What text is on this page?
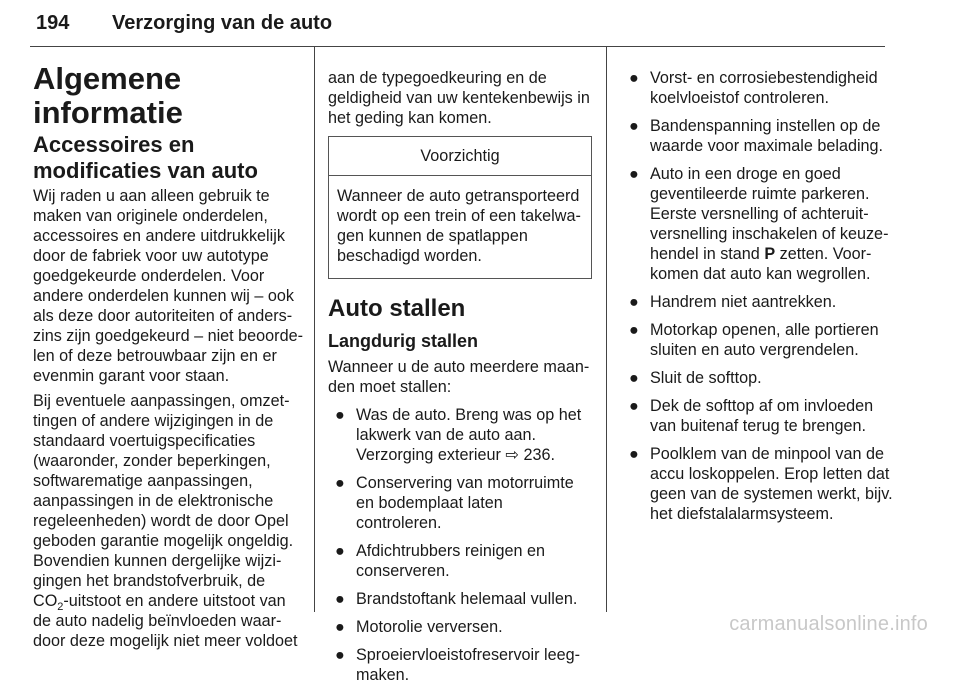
194 Verzorging van de auto
Algemene informatie
Accessoires en modificaties van auto

Wij raden u aan alleen gebruik te maken van originele onderdelen, accessoires en andere uitdrukkelijk door de fabriek voor uw autotype goedgekeurde onderdelen. Voor andere onderdelen kunnen wij – ook als deze door autoriteiten of anderszins zijn goedgekeurd – niet beoordelen of deze betrouwbaar zijn en er evenmin garant voor staan.

Bij eventuele aanpassingen, omzettingen of andere wijzigingen in de standaard voertuigspecificaties (waaronder, zonder beperkingen, softwarematige aanpassingen, aanpassingen in de elektronische regeleenheden) wordt de door Opel geboden garantie mogelijk ongeldig. Bovendien kunnen dergelijke wijzigingen het brandstofverbruik, de $CO_2$-uitstoot en andere uitstoot van de auto nadelig beïnvloeden waardoor deze mogelijk niet meer voldoet

aan de typegoedkeuring en de geldigheid van uw kentekenbewijs in het geding kan komen.

Voorzichtig
Wanneer de auto getransporteerd wordt op een trein of een takelwagen kunnen de spatlappen beschadigd worden.
Auto stallen
Langdurig stallen

Wanneer u de auto meerdere maanden moet stallen:

● Was de auto. Breng was op het lakwerk van de auto aan. Verzorging exterieur ⇨ 236.
● Conservering van motorruimte en bodemplaat laten controleren.
● Afdichtrubbers reinigen en conserveren.
● Brandstoftank helemaal vullen.
● Motorolie verversen.
● Sproeiervloeistofreservoir leegmaken.
● Vorst- en corrosiebestendigheid koelvloeistof controleren.
● Bandenspanning instellen op de waarde voor maximale belading.
● Auto in een droge en goed geventileerde ruimte parkeren. Eerste versnelling of achteruitversnelling inschakelen of keuzehendel in stand P zetten. Voorkomen dat auto kan wegrollen.
● Handrem niet aantrekken.
● Motorkap openen, alle portieren sluiten en auto vergrendelen.
● Sluit de softtop.
● Dek de softtop af om invloeden van buitenaf terug te brengen.
● Poolklem van de minpool van de accu loskoppelen. Erop letten dat geen van de systemen werkt, bijv. het diefstalalarmsysteem.
carmanualsonline.info
